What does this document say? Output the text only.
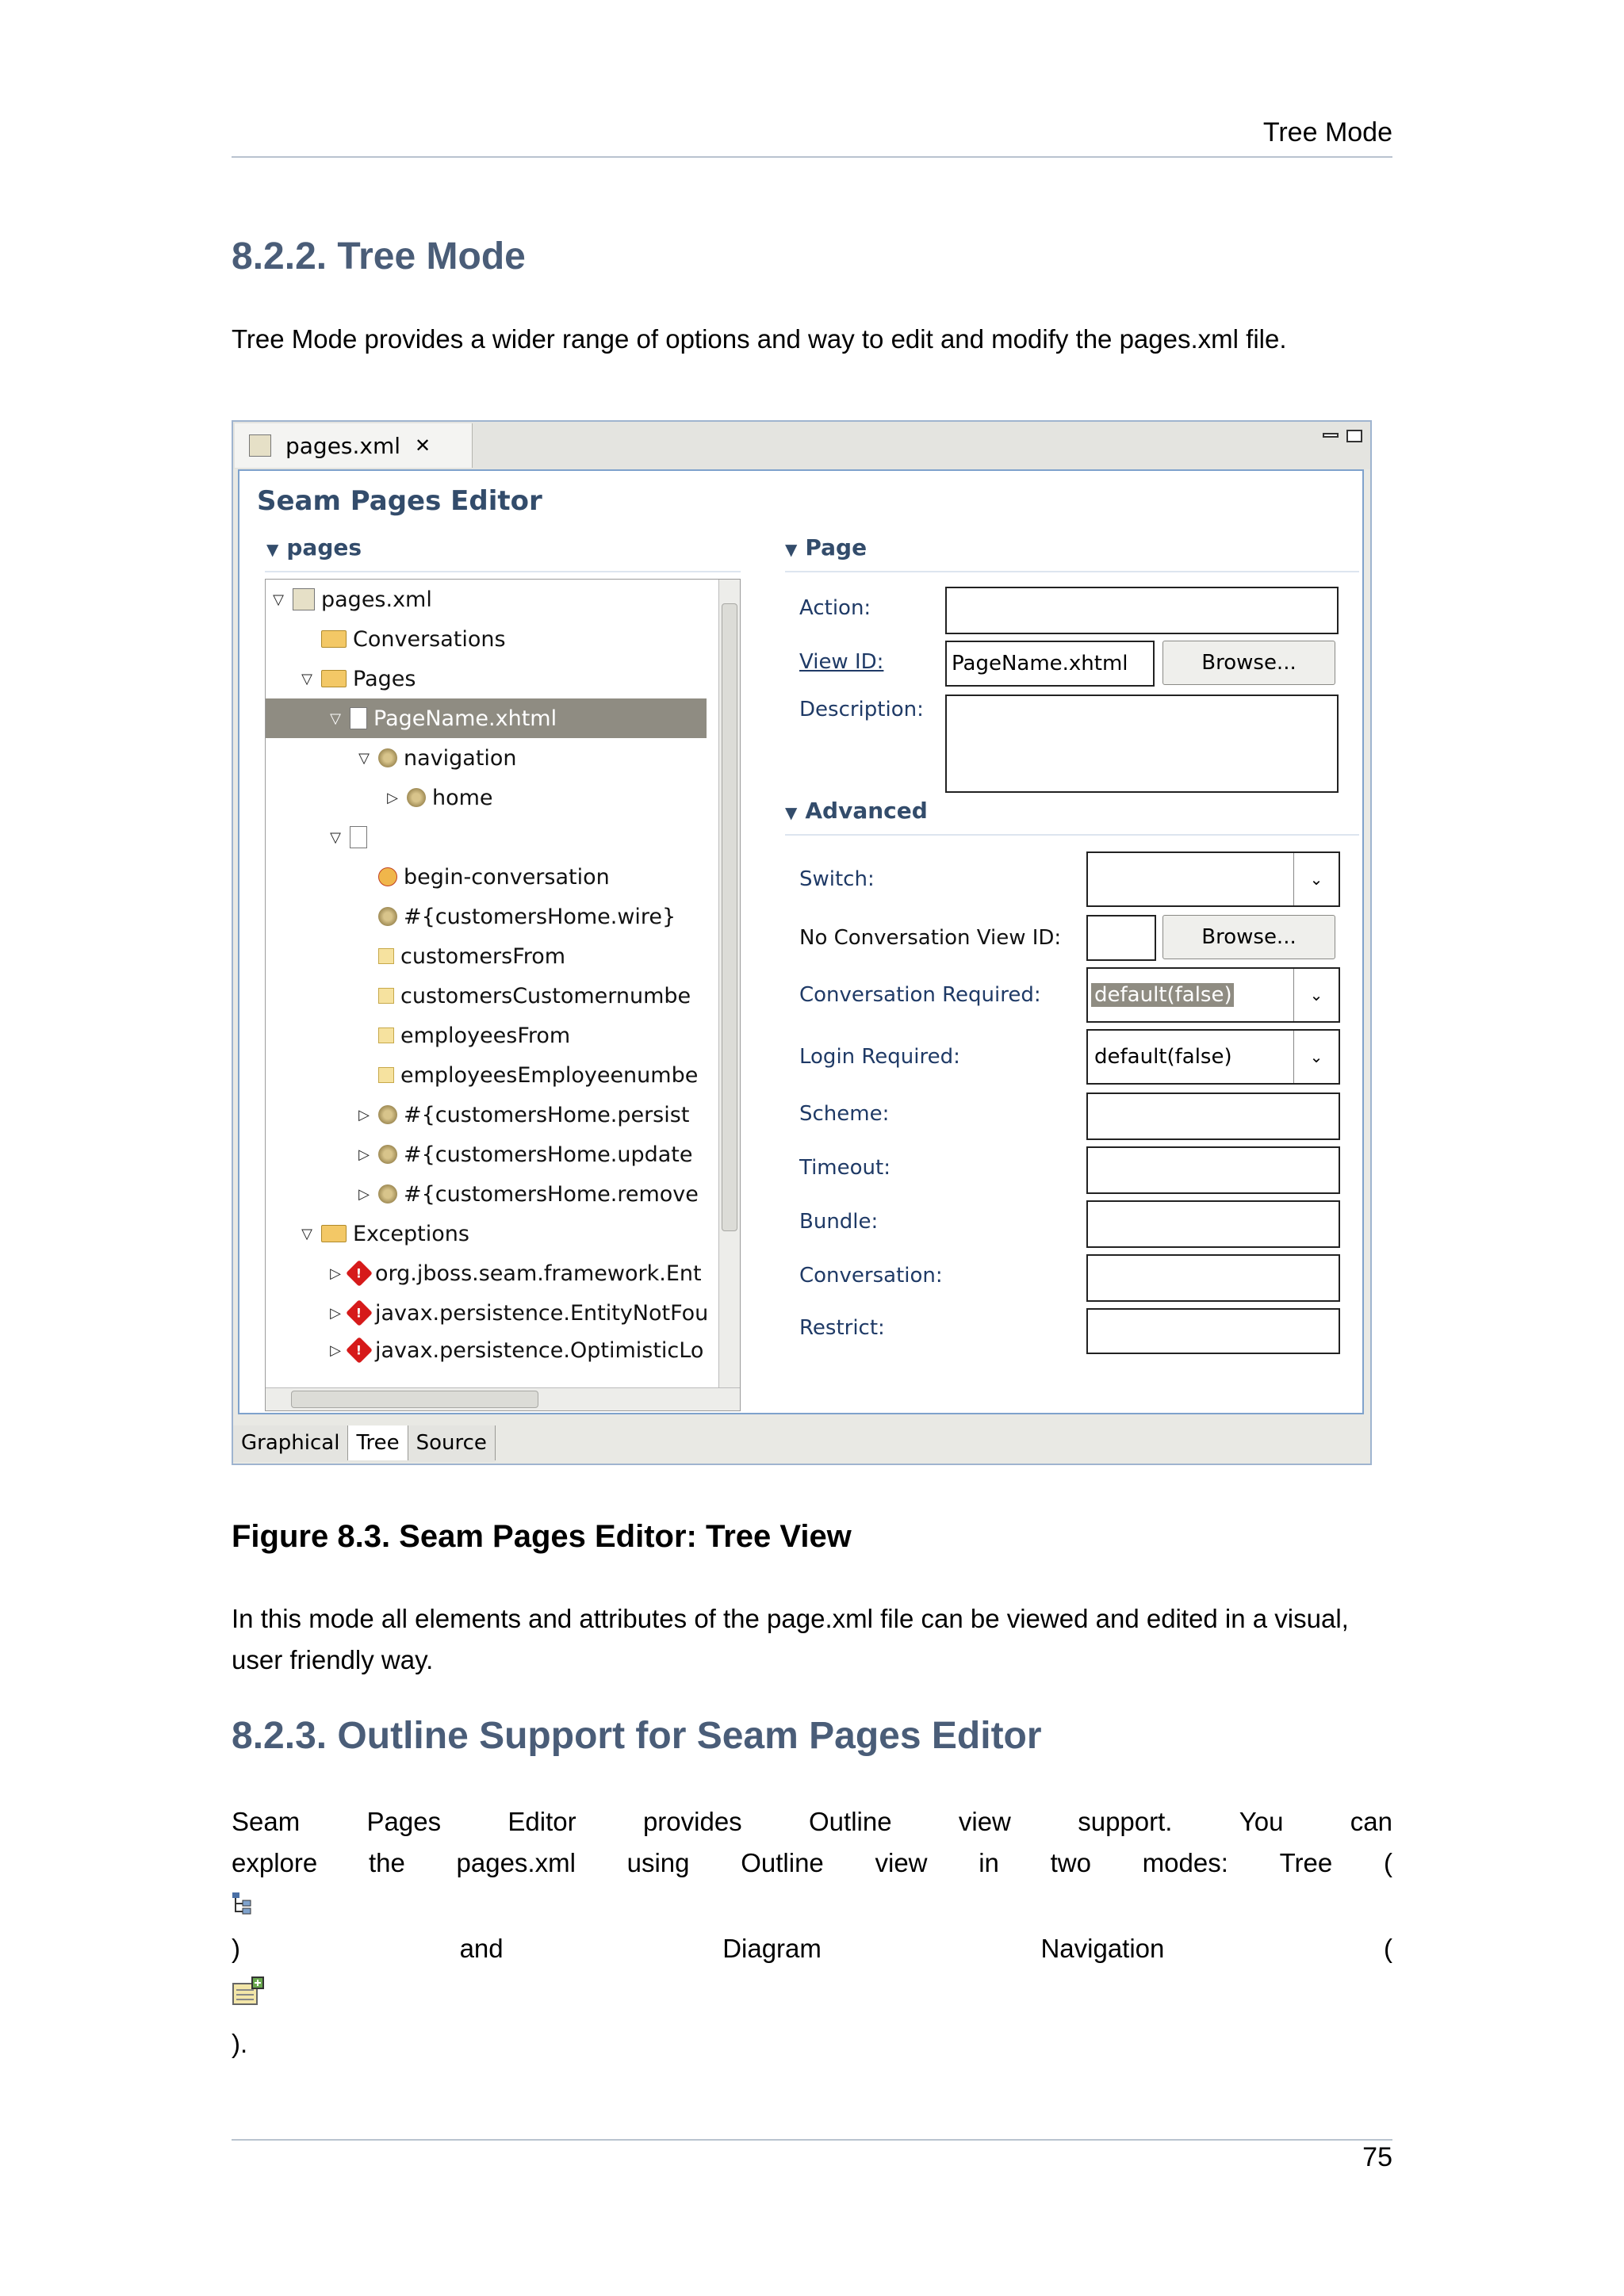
Tree Mode
8.2.2. Tree Mode

Tree Mode provides a wider range of options and way to edit and modify the pages.xml file.

pages.xml ✕
Seam Pages Editor
▼ pages
▽ pages.xml
Conversations
▽ Pages
▽ PageName.xhtml
▽ navigation
▷ home
▽
begin-conversation
#{customersHome.wire}
customersFrom
customersCustomernumbe
employeesFrom
employeesEmployeenumbe
▷ #{customersHome.persist
▷ #{customersHome.update
▷ #{customersHome.remove
▽ Exceptions
▷	! org.jboss.seam.framework.Ent
▷	! javax.persistence.EntityNotFou
▷	! javax.persistence.OptimisticLo
▼ Page
Action:
View ID:	PageName.xhtml	Browse...
Description:
▼ Advanced
Switch:	⌄
No Conversation View ID:	Browse...
Conversation Required:	default(false)	⌄
Login Required:	default(false)	⌄
Scheme:
Timeout:
Bundle:
Conversation:
Restrict:
Graphical Tree Source
Figure 8.3. Seam Pages Editor: Tree View

In this mode all elements and attributes of the page.xml file can be viewed and edited in a visual, user friendly way.

8.2.3. Outline Support for Seam Pages Editor
Seam	Pages	Editor	provides	Outline	view	support.	You	can
explore the pages.xml using Outline view in two modes: Tree (
)	and	Diagram	Navigation	(

).

75
